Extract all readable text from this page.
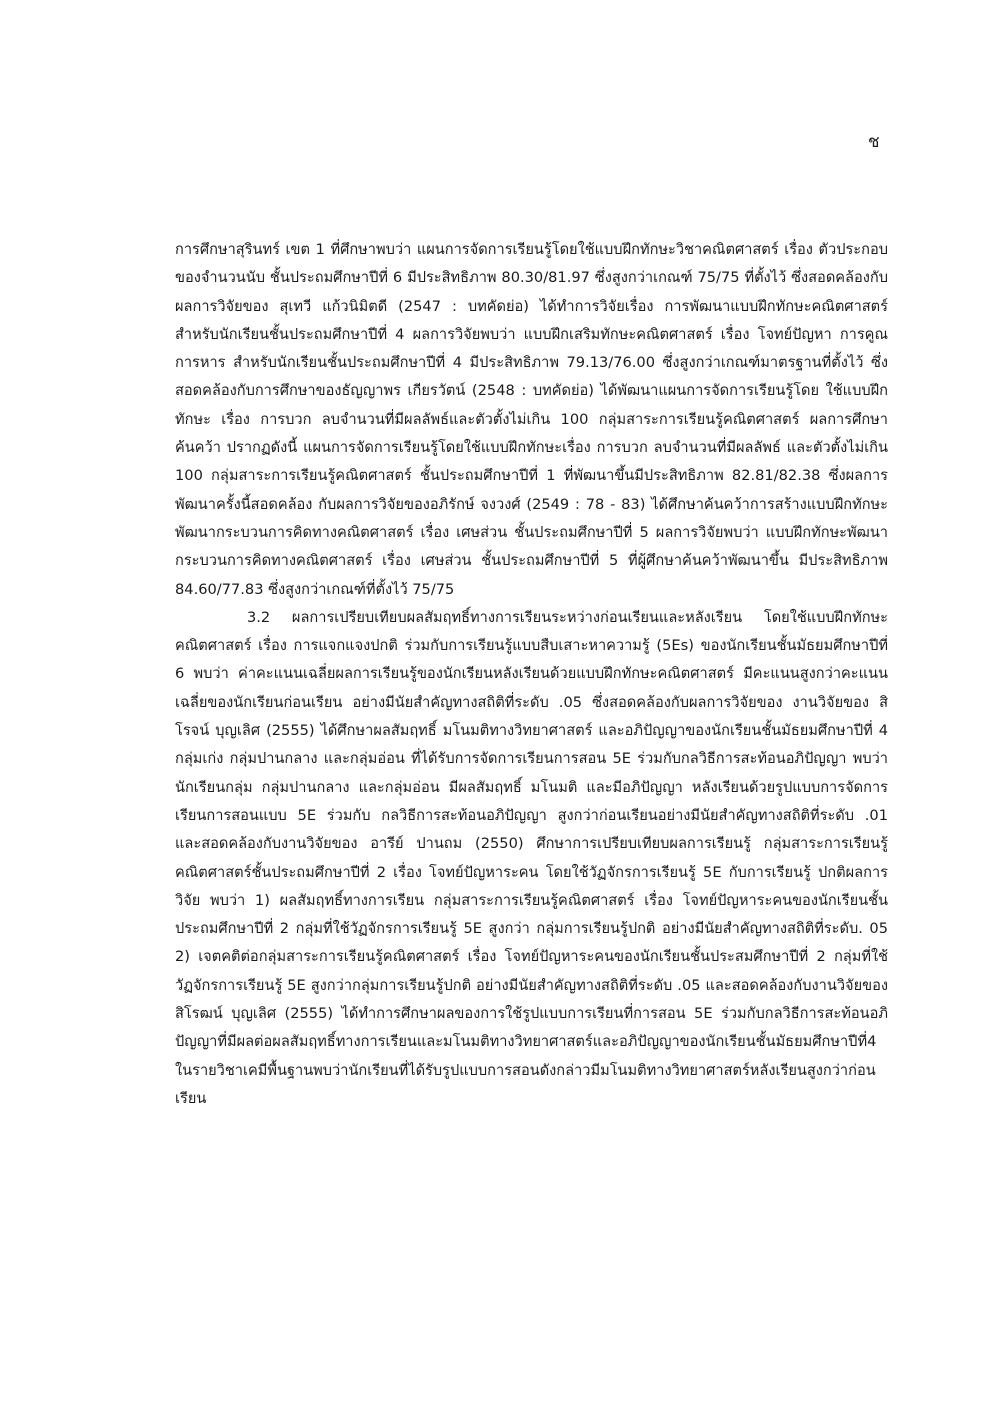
ช

การศึกษาสุรินทร์ เขต 1 ที่ศึกษาพบว่า แผนการจัดการเรียนรู้โดยใช้แบบฝึกทักษะวิชาคณิตศาสตร์ เรื่อง ตัวประกอบของจำนวนนับ ชั้นประถมศึกษาปีที่ 6 มีประสิทธิภาพ 80.30/81.97 ซึ่งสูงกว่าเกณฑ์ 75/75 ที่ตั้งไว้ ซึ่งสอดคล้องกับผลการวิจัยของ สุเทวี แก้วนิมิตดี (2547 : บทคัดย่อ) ได้ทำการวิจัยเรื่อง การพัฒนาแบบฝึกทักษะคณิตศาสตร์ สำหรับนักเรียนชั้นประถมศึกษาปีที่ 4 ผลการวิจัยพบว่า แบบฝึกเสริมทักษะคณิตศาสตร์ เรื่อง โจทย์ปัญหา การคูณ การหาร สำหรับนักเรียนชั้นประถมศึกษาปีที่ 4 มีประสิทธิภาพ 79.13/76.00 ซึ่งสูงกว่าเกณฑ์มาตรฐานที่ตั้งไว้ ซึ่งสอดคล้องกับการศึกษาของธัญญาพร เกียรวัตน์ (2548 : บทคัดย่อ) ได้พัฒนาแผนการจัดการเรียนรู้โดย ใช้แบบฝึกทักษะ เรื่อง การบวก ลบจำนวนที่มีผลลัพธ์และตัวตั้งไม่เกิน 100 กลุ่มสาระการเรียนรู้คณิตศาสตร์ ผลการศึกษาค้นคว้า ปรากฏดังนี้ แผนการจัดการเรียนรู้โดยใช้แบบฝึกทักษะเรื่อง การบวก ลบจำนวนที่มีผลลัพธ์ และตัวตั้งไม่เกิน 100 กลุ่มสาระการเรียนรู้คณิตศาสตร์ ชั้นประถมศึกษาปีที่ 1 ที่พัฒนาขึ้นมีประสิทธิภาพ 82.81/82.38 ซึ่งผลการพัฒนาครั้งนี้สอดคล้อง กับผลการวิจัยของอภิรักษ์ จงวงศ์ (2549 : 78 - 83) ได้ศึกษาค้นคว้าการสร้างแบบฝึกทักษะพัฒนากระบวนการคิดทางคณิตศาสตร์ เรื่อง เศษส่วน ชั้นประถมศึกษาปีที่ 5 ผลการวิจัยพบว่า แบบฝึกทักษะพัฒนากระบวนการคิดทางคณิตศาสตร์ เรื่อง เศษส่วน ชั้นประถมศึกษาปีที่ 5 ที่ผู้ศึกษาค้นคว้าพัฒนาขึ้น มีประสิทธิภาพ 84.60/77.83 ซึ่งสูงกว่าเกณฑ์ที่ตั้งไว้ 75/75

3.2 ผลการเปรียบเทียบผลสัมฤทธิ์ทางการเรียนระหว่างก่อนเรียนและหลังเรียน โดยใช้แบบฝึกทักษะคณิตศาสตร์ เรื่อง การแจกแจงปกติ ร่วมกับการเรียนรู้แบบสืบเสาะหาความรู้ (5Es) ของนักเรียนชั้นมัธยมศึกษาปีที่ 6 พบว่า ค่าคะแนนเฉลี่ยผลการเรียนรู้ของนักเรียนหลังเรียนด้วยแบบฝึกทักษะคณิตศาสตร์ มีคะแนนสูงกว่าคะแนนเฉลี่ยของนักเรียนก่อนเรียน อย่างมีนัยสำคัญทางสถิติที่ระดับ .05 ซึ่งสอดคล้องกับผลการวิจัยของ งานวิจัยของ สิโรจน์ บุญเลิศ (2555) ได้ศึกษาผลสัมฤทธิ์ มโนมติทางวิทยาศาสตร์ และอภิปัญญาของนักเรียนชั้นมัธยมศึกษาปีที่ 4 กลุ่มเก่ง กลุ่มปานกลาง และกลุ่มอ่อน ที่ได้รับการจัดการเรียนการสอน 5E ร่วมกับกลวิธีการสะท้อนอภิปัญญา พบว่า นักเรียนกลุ่ม กลุ่มปานกลาง และกลุ่มอ่อน มีผลสัมฤทธิ์ มโนมติ และมีอภิปัญญา หลังเรียนด้วยรูปแบบการจัดการเรียนการสอนแบบ 5E ร่วมกับ กลวิธีการสะท้อนอภิปัญญา สูงกว่าก่อนเรียนอย่างมีนัยสำคัญทางสถิติที่ระดับ .01 และสอดคล้องกับงานวิจัยของ อารีย์ ปานถม (2550) ศึกษาการเปรียบเทียบผลการเรียนรู้ กลุ่มสาระการเรียนรู้ คณิตศาสตร์ชั้นประถมศึกษาปีที่ 2 เรื่อง โจทย์ปัญหาระคน โดยใช้วัฏจักรการเรียนรู้ 5E กับการเรียนรู้ ปกติผลการวิจัย พบว่า 1) ผลสัมฤทธิ์ทางการเรียน กลุ่มสาระการเรียนรู้คณิตศาสตร์ เรื่อง โจทย์ปัญหาระคนของนักเรียนชั้นประถมศึกษาปีที่ 2 กลุ่มที่ใช้วัฏจักรการเรียนรู้ 5E สูงกว่า กลุ่มการเรียนรู้ปกติ อย่างมีนัยสำคัญทางสถิติที่ระดับ. 05 2) เจตคติต่อกลุ่มสาระการเรียนรู้คณิตศาสตร์ เรื่อง โจทย์ปัญหาระคนของนักเรียนชั้นประสมศึกษาปีที่ 2 กลุ่มที่ใช้วัฏจักรการเรียนรู้ 5E สูงกว่ากลุ่มการเรียนรู้ปกติ อย่างมีนัยสำคัญทางสถิติที่ระดับ .05 และสอดคล้องกับงานวิจัยของ สิโรฒน์ บุญเลิศ (2555) ได้ทำการศึกษาผลของการใช้รูปแบบการเรียนที่การสอน 5E ร่วมกับกลวิธีการสะท้อนอภิปัญญาที่มีผลต่อผลสัมฤทธิ์ทางการเรียนและมโนมติทางวิทยาศาสตร์และอภิปัญญาของนักเรียนชั้นมัธยมศึกษาปีที่4 ในรายวิชาเคมีพื้นฐานพบว่านักเรียนที่ได้รับรูปแบบการสอนดังกล่าวมีมโนมติทางวิทยาศาสตร์หลังเรียนสูงกว่าก่อนเรียน
